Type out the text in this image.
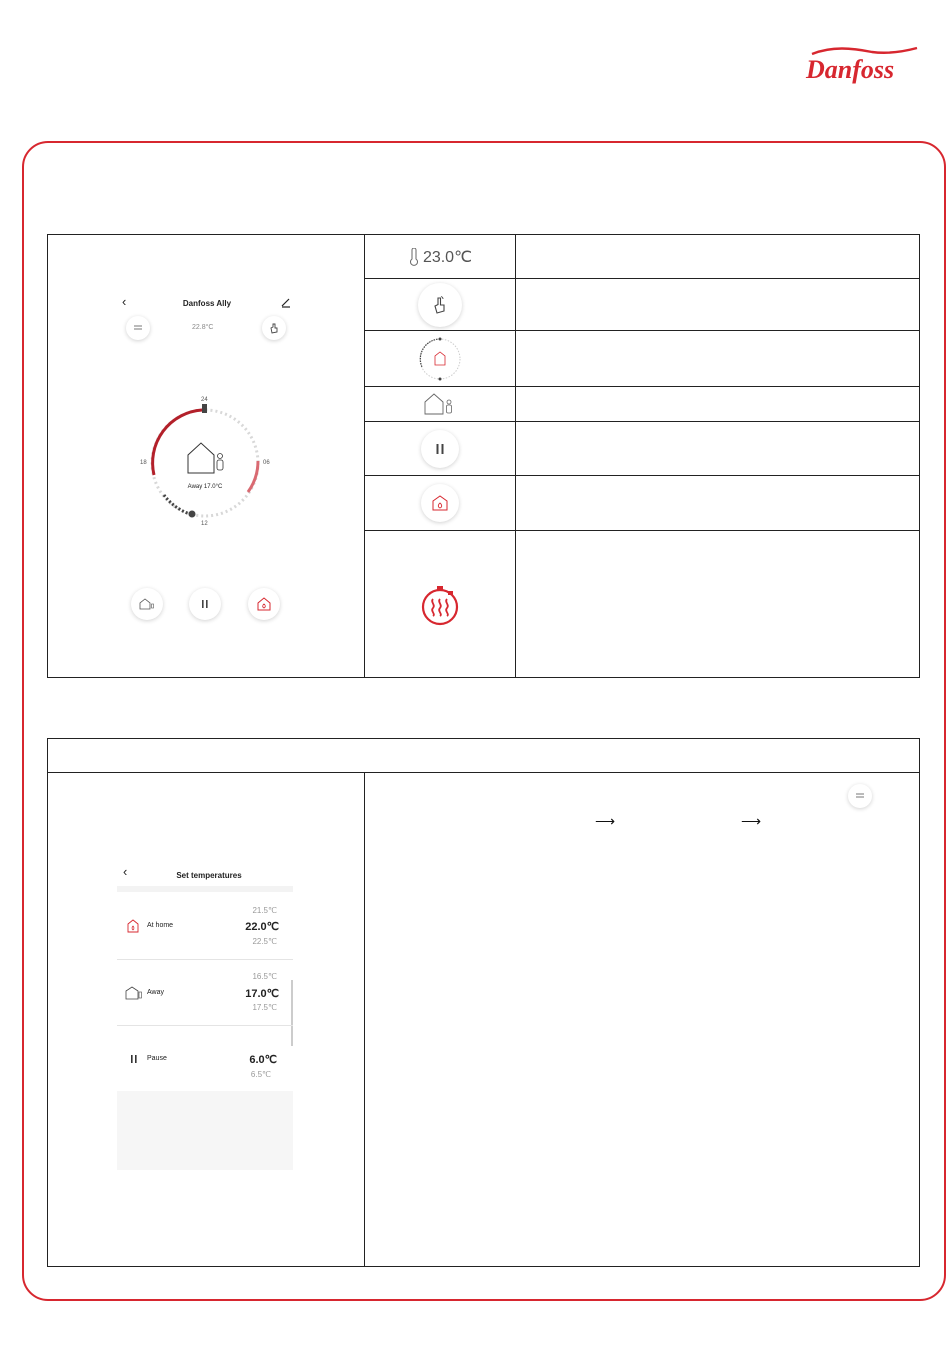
Danfoss
‹	Danfoss Ally
22.8°C
24
06
12
18
Away 17.0°C
23.0℃
‹	Set temperatures
At home
21.5℃
22.0℃
22.5℃
Away
16.5℃
17.0℃
17.5℃
Pause	6.0℃
6.5℃
⟶	⟶
